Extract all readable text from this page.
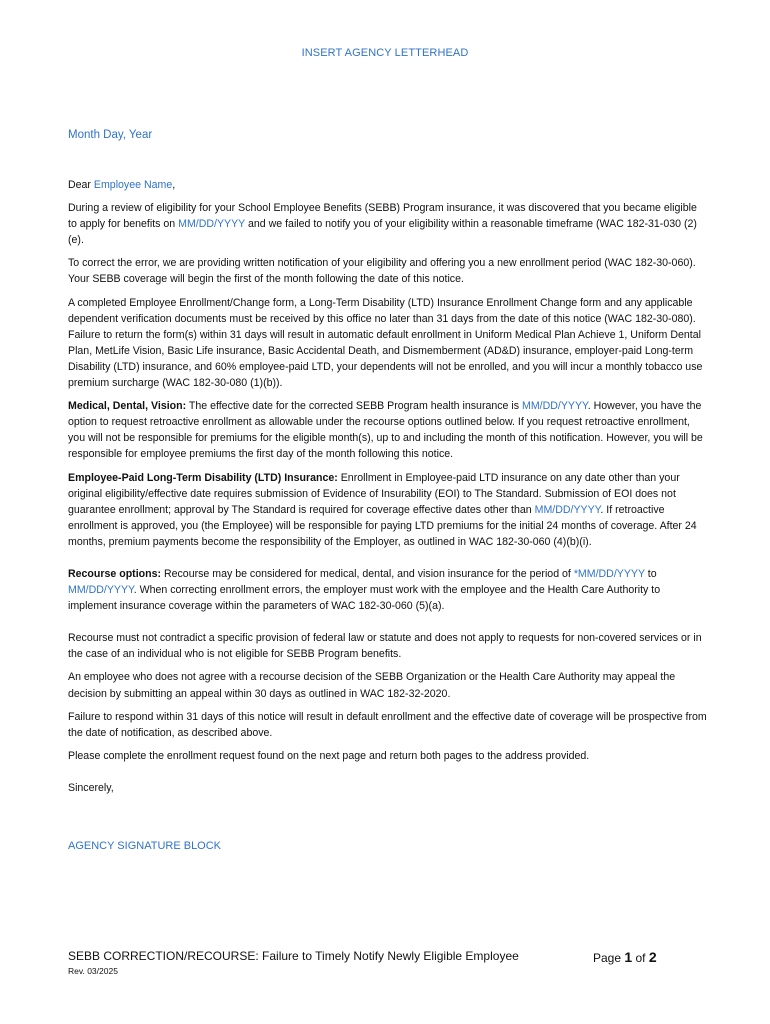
INSERT AGENCY LETTERHEAD
Month Day, Year

Dear Employee Name,

During a review of eligibility for your School Employee Benefits (SEBB) Program insurance, it was discovered that you became eligible to apply for benefits on MM/DD/YYYY and we failed to notify you of your eligibility within a reasonable timeframe (WAC 182-31-030 (2)(e).

To correct the error, we are providing written notification of your eligibility and offering you a new enrollment period (WAC 182-30-060). Your SEBB coverage will begin the first of the month following the date of this notice.

A completed Employee Enrollment/Change form, a Long-Term Disability (LTD) Insurance Enrollment Change form and any applicable dependent verification documents must be received by this office no later than 31 days from the date of this notice (WAC 182-30-080). Failure to return the form(s) within 31 days will result in automatic default enrollment in Uniform Medical Plan Achieve 1, Uniform Dental Plan, MetLife Vision, Basic Life insurance, Basic Accidental Death, and Dismemberment (AD&D) insurance, employer-paid Long-term Disability (LTD) insurance, and 60% employee-paid LTD, your dependents will not be enrolled, and you will incur a monthly tobacco use premium surcharge (WAC 182-30-080 (1)(b)).

Medical, Dental, Vision: The effective date for the corrected SEBB Program health insurance is MM/DD/YYYY. However, you have the option to request retroactive enrollment as allowable under the recourse options outlined below. If you request retroactive enrollment, you will not be responsible for premiums for the eligible month(s), up to and including the month of this notification. However, you will be responsible for employee premiums the first day of the month following this notice.

Employee-Paid Long-Term Disability (LTD) Insurance: Enrollment in Employee-paid LTD insurance on any date other than your original eligibility/effective date requires submission of Evidence of Insurability (EOI) to The Standard. Submission of EOI does not guarantee enrollment; approval by The Standard is required for coverage effective dates other than MM/DD/YYYY. If retroactive enrollment is approved, you (the Employee) will be responsible for paying LTD premiums for the initial 24 months of coverage. After 24 months, premium payments become the responsibility of the Employer, as outlined in WAC 182-30-060 (4)(b)(i).

Recourse options: Recourse may be considered for medical, dental, and vision insurance for the period of *MM/DD/YYYY to MM/DD/YYYY. When correcting enrollment errors, the employer must work with the employee and the Health Care Authority to implement insurance coverage within the parameters of WAC 182-30-060 (5)(a).

Recourse must not contradict a specific provision of federal law or statute and does not apply to requests for non-covered services or in the case of an individual who is not eligible for SEBB Program benefits.

An employee who does not agree with a recourse decision of the SEBB Organization or the Health Care Authority may appeal the decision by submitting an appeal within 30 days as outlined in WAC 182-32-2020.

Failure to respond within 31 days of this notice will result in default enrollment and the effective date of coverage will be prospective from the date of notification, as described above.

Please complete the enrollment request found on the next page and return both pages to the address provided.

Sincerely,

AGENCY SIGNATURE BLOCK
SEBB CORRECTION/RECOURSE: Failure to Timely Notify Newly Eligible Employee	Page 1 of 2
Rev. 03/2025
